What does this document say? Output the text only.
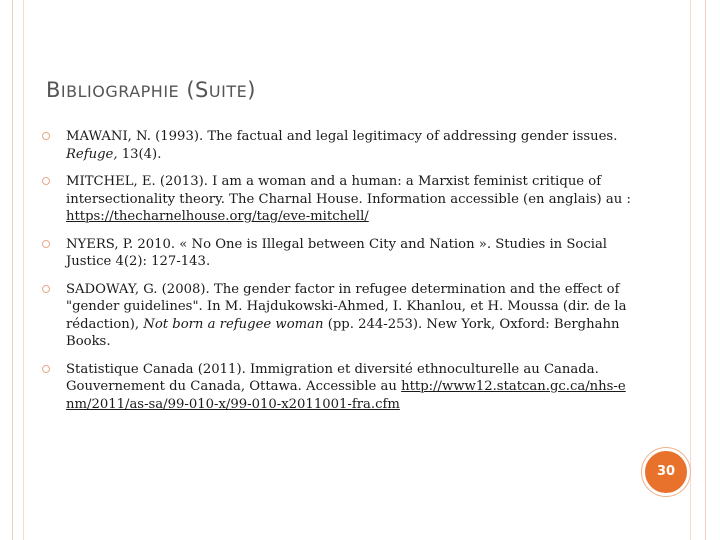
BIBLIOGRAPHIE (SUITE)
MAWANI, N. (1993). The factual and legal legitimacy of addressing gender issues. Refuge, 13(4).
MITCHEL, E. (2013). I am a woman and a human: a Marxist feminist critique of intersectionality theory. The Charnal House. Information accessible (en anglais) au : https://thecharnelhouse.org/tag/eve-mitchell/
NYERS, P. 2010. « No One is Illegal between City and Nation ». Studies in Social Justice 4(2): 127-143.
SADOWAY, G. (2008). The gender factor in refugee determination and the effect of "gender guidelines". In M. Hajdukowski-Ahmed, I. Khanlou, et H. Moussa (dir. de la rédaction), Not born a refugee woman (pp. 244-253). New York, Oxford: Berghahn Books.
Statistique Canada (2011). Immigration et diversité ethnoculturelle au Canada. Gouvernement du Canada, Ottawa. Accessible au http://www12.statcan.gc.ca/nhs-enm/2011/as-sa/99-010-x/99-010-x2011001-fra.cfm
30
